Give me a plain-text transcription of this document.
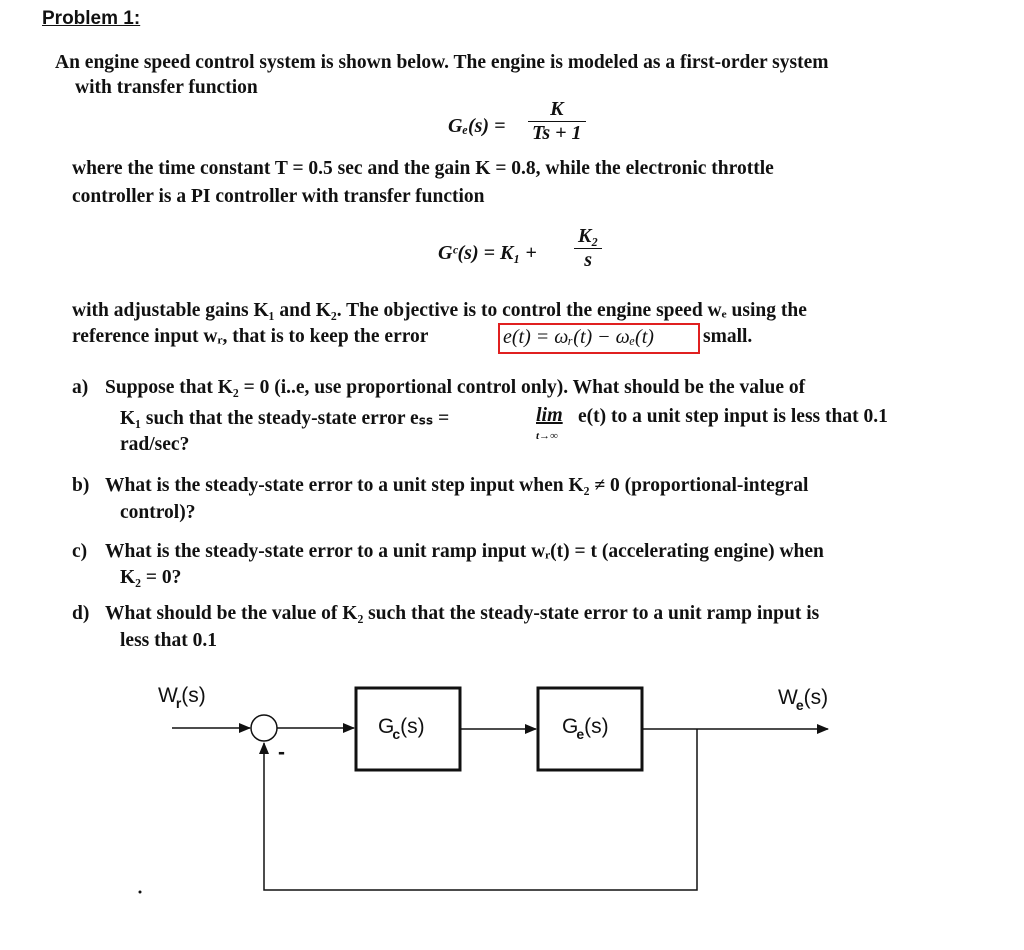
Problem 1:
An engine speed control system is shown below. The engine is modeled as a first-order system
with transfer function
$G_e(s) = \frac{K}{Ts + 1}$
where the time constant T = 0.5 sec and the gain K = 0.8, while the electronic throttle
controller is a PI controller with transfer function
Gᶜ(s) = $K_1 + \frac{\text{K₂}}{s}$
with adjustable gains K₁ and K₂. The objective is to control the engine speed wₑ using the
reference input wᵣ, that is to keep the error	e(t) = ωᵣ(t) − ωₑ(t)	small.
a) Suppose that K₂ = 0 (i..e, use proportional control only). What should be the value of
K₁ such that the steady-state error eₛₛ =	lim
t→∞
e(t) to a unit step input is less that 0.1
rad/sec?
b) What is the steady-state error to a unit step input when K₂ ≠ 0 (proportional-integral
control)?
c) What is the steady-state error to a unit ramp input wᵣ(t) = t (accelerating engine) when
K₂ = 0?
d) What should be the value of K₂ such that the steady-state error to a unit ramp input is
less that 0.1
$W_r(s)$	$W_e(s)$
$G_c(s)$	$G_e(s)$
-
